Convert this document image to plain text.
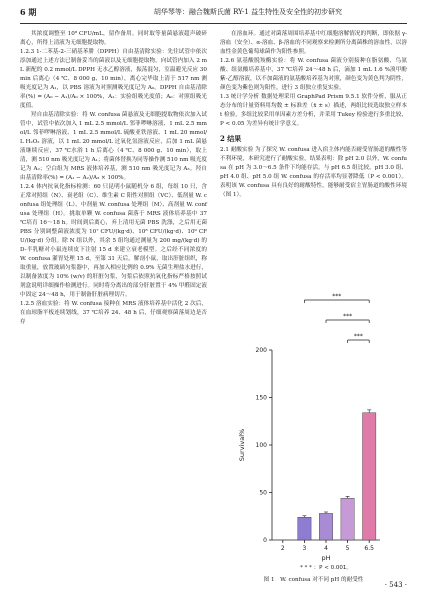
6 期	胡华琴等：融合魏斯氏菌 RY-1 益生特性及安全性的初步研究

其浓度调整至 10⁸ CFU/mL，留作备用。同时取等量菌悬液超声破碎离心，所得上清液为无细胞提取物。

1.2.3 1-二苯基-2-三硝基苯肼（DPPH）自由基清除实验：先往试管中依次添加通过上述方法已制备妥当的菌液以及无细胞提取物，向试管内加入 2 mL 新配的 0.2 mmol/L DPPH 无水乙醇溶液，振荡混匀，室温避光反应 30 min 后离心（4 ℃、8 000 g、10 min），离心完毕取上清于 517 nm 测吸光度记为 A₁，以 PBS 溶液为对照测吸光度记为 A₀。DPPH 自由基清除率(%) = (A₀ − A₁)/A₀ × 100%，A₁：实验组吸光度值；A₀：对照组吸光度值。

羟自由基清除实验：将 W. confusa 菌悬液及无细胞提取物依次加入试管中，试管中依次加入 1 mL 2.5 mmol/L 邻菲啰啉溶液、1 mL 2.5 mmol/L 邻菲啰啉溶液、1 mL 2.5 mmol/L 硫酸亚铁溶液、1 mL 20 mmol/L H₂O₂ 溶液，以 1 mL 20 mmol/L 过氧化氢溶液反应，后加 1 mL 菌悬液继续反应，37 ℃水浴 1 h 后离心（4 ℃、8 000 g、10 min），取上清，测 510 nm 吸光度记为 A₁；将菌体替换为同等操作测 510 nm 吸光度记为 A₂；空白组为 MRS 液体培养基，测 510 nm 吸光度记为 A₃。羟自由基清除率(%) = (A₁ − A₂)/A₃ × 100%。

1.2.4 体内抗氧化指标检测：60 只昆明小鼠随机分 6 组，每组 10 只，含正常对照组（N）、衰老组（C）、维生素 C 阳性对照组（VC）、低剂量 W. confusa 组处理组（L）、中剂量 W. confusa 处理组（M）、高剂量 W. confusa 处理组（H）。挑取单颗 W. confusa 菌落于 MRS 液体培养基中 37 ℃培育 16～18 h。时间到后离心，弃上清用无菌 PBS 洗涤，之后用无菌 PBS 分别调整菌液浓度为 10⁷ CFU/(kg·d)、10⁸ CFU/(kg·d)、10⁹ CFU/(kg·d) 分组。除 N 组以外，其余 5 组均通过测量为 200 mg/(kg·d) 的 D-半乳糖对小鼠连续皮下注射 15 d 来建立衰老模型。之后经不同浓度的 W. confusa 灌胃处理 15 d，至第 31 天后，解剖小鼠，取出肝脏组织，称取重量，放置玻璃匀浆器中，再加入相应比例的 0.9% 无菌生理盐水进行，以制备浓度为 10% (w/v) 的肝脏匀浆，匀浆后依照抗氧化指标严格按照试剂盒说明详细操作检测进行。同时将分离出的部分肝脏置于 4% 甲醛固定液中固定 24～48 h，用于制备肝脏病理切片。

1.2.5 溶血实验：将 W. confusa 接种在 MRS 液体培养基中活化 2 次后，在血琼脂平板连续划线，37 ℃培养 24、48 h 后，仔细观察菌落周边是否存

在溶血环。通过对菌落周围培养基中红细胞溶解情况的判断，即依据 γ-溶血（安全）、α-溶血、β-溶血的不同观察来检测所分离菌株的溶血性，以溶血性金黄色葡萄球菌作为阳性参照。

1.2.6 氨基酸脱羧酶实验：将 W. confusa 菌液分别接种在脂氨酸、鸟氨酸、组氨酸培养基中，37 ℃培养 24～48 h 后，滴加 1 mL 1.6 %溴甲酚紫-乙醇溶液，以不加菌液的氨基酸培养基为对照，颜色变为黄色判为阴性，颜色变为紫色则为阳性。进行 3 组独立重复实验。

1.3 统计学分析 数据处理采用 GraphPad Prism 9.5.1 软件分析，服从正态分布的计量资料用均数 ± 标准差（x̄ ± s）描述，两组比较选取独立样本 t 检验，多组比较采用单因素方差分析，并采用 Tukey 检验进行多重比较，P < 0.05 为差异有统计学意义。

2 结果

2.1 耐酸实验 为了探究 W. confusa 进入宿主体内能否耐受胃肠道的酸性等不利环境，本研究进行了耐酸实验，结果表明：除 pH 2.0 以外，W. confusa 在 pH 为 3.0～6.5 条件下均能存活。与 pH 6.5 组比较，pH 3.0 组、pH 4.0 组、pH 5.0 组 W. confusa 的存活率均显著降低（P < 0.001）。表明该 W. confusa 具有良好的耐酸特性，能够耐受宿主胃肠道的酸性环境（图 1）。

0
50
100
150
200
Survival%
2	3	4	5 6.5
pH
***
***
***
* * * ：P < 0.001。
图 1　W. confusa 对不同 pH 的耐受性
· 543 ·
